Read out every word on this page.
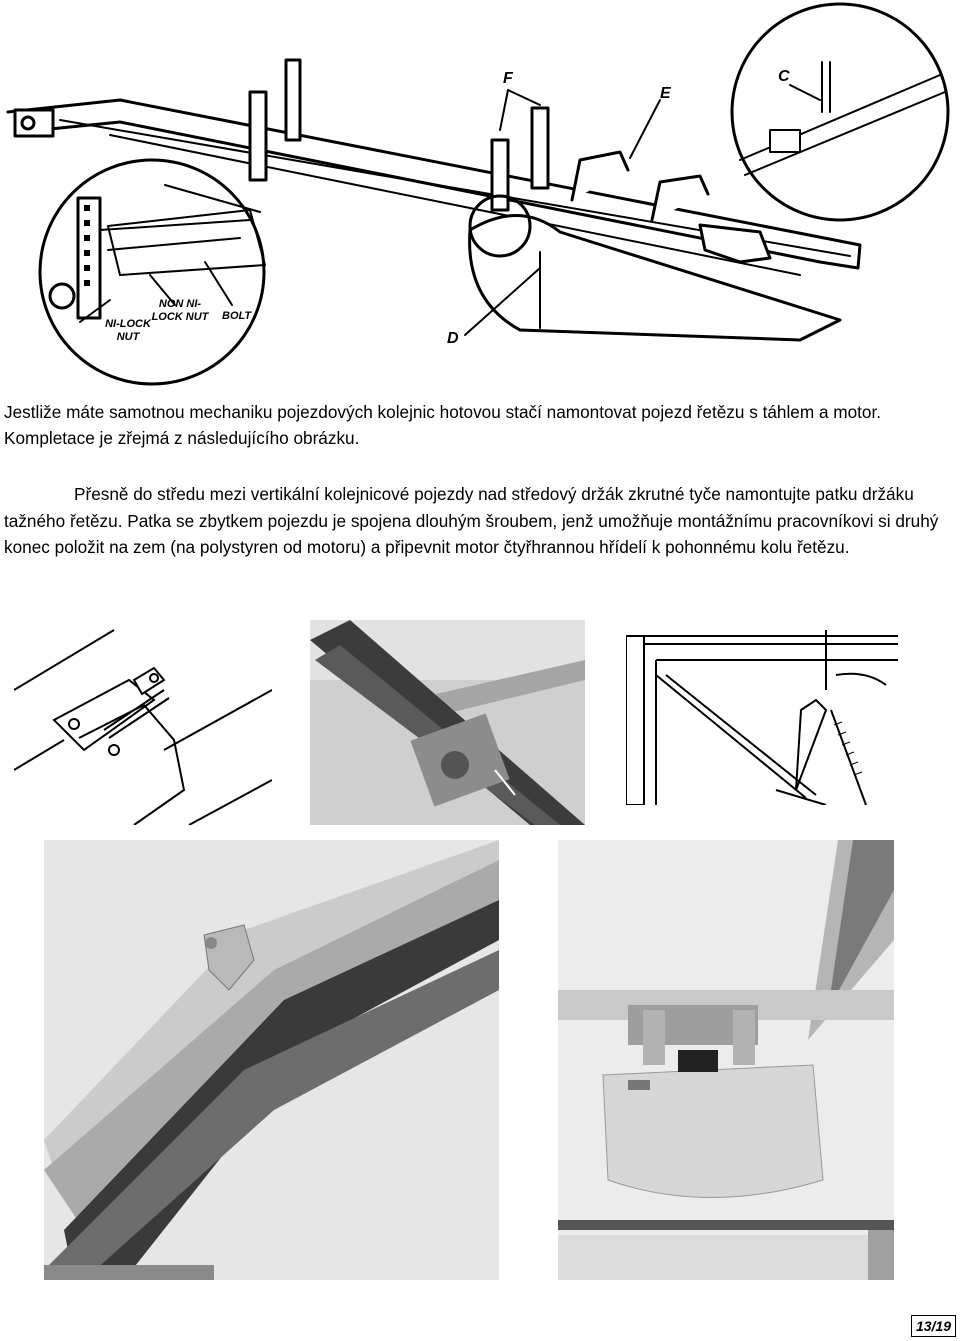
F
E
C
D
NI-LOCK NUT
NON NI-LOCK NUT BOLT

Jestliže máte samotnou mechaniku pojezdových kolejnic hotovou stačí namontovat pojezd řetězu s táhlem a motor. Kompletace je zřejmá z následujícího obrázku.

Přesně do středu mezi vertikální kolejnicové pojezdy nad středový držák zkrutné tyče namontujte patku držáku tažného řetězu. Patka se zbytkem pojezdu je spojena dlouhým šroubem, jenž umožňuje montážnímu pracovníkovi si druhý konec položit na zem (na polystyren od motoru) a připevnit motor čtyřhrannou hřídelí k pohonnému kolu řetězu.

13/19
